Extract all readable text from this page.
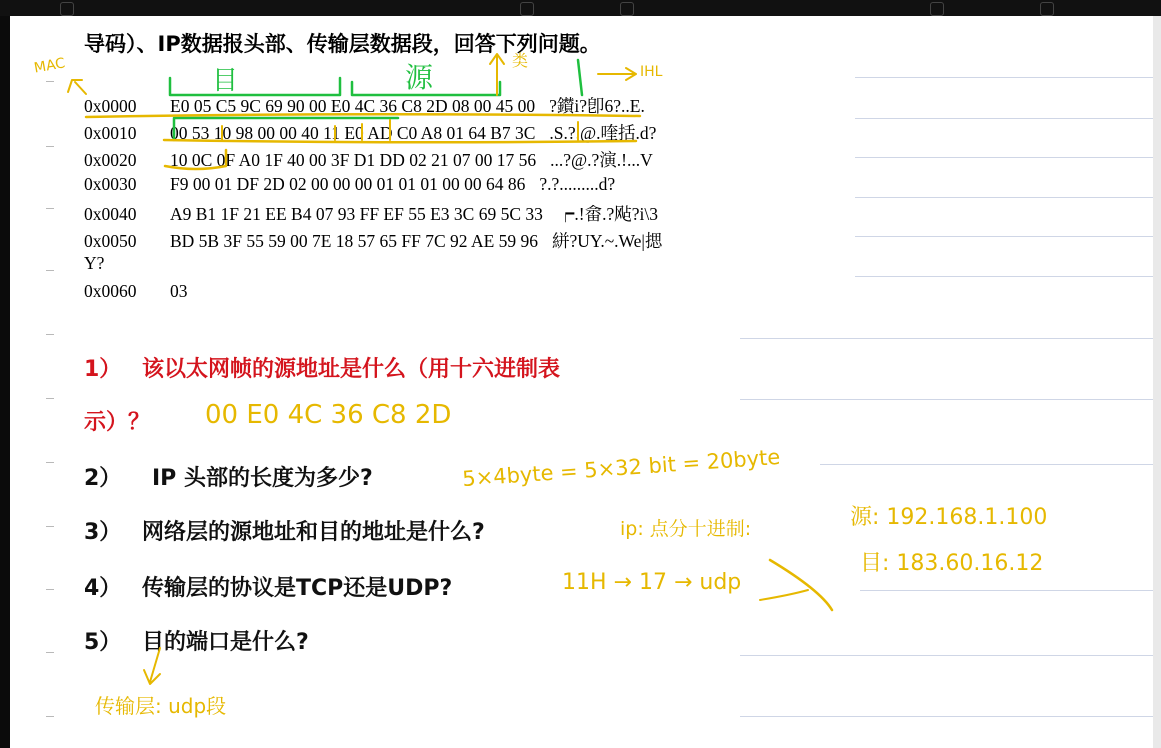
导码）、IP数据报头部、传输层数据段，回答下列问题。
0x0000 E0 05 C5 9C 69 90 00 E0 4C 36 C8 2D 08 00 45 00 ?鑚i?卽6?..E.
0x0010 00 53 10 98 00 00 40 11 E0 AD C0 A8 01 64 B7 3C .S.?.@.喹括.d?
0x0020 10 0C 0F A0 1F 40 00 3F D1 DD 02 21 07 00 17 56 ...?@.?演.!...V
0x0030 F9 00 01 DF 2D 02 00 00 00 01 01 01 00 00 64 86 ?.?.........d?
0x0040 A9 B1 1F 21 EE B4 07 93 FF EF 55 E3 3C 69 5C 33 ┍.!畲.?飐?i\3
0x0050 BD 5B 3F 55 59 00 7E 18 57 65 FF 7C 92 AE 59 96 絣?UY.~.We|揌
Y?
0x0060 03
1） 该以太网帧的源地址是什么（用十六进制表
示）？
2） IP 头部的长度为多少?
3） 网络层的源地址和目的地址是什么?
4） 传输层的协议是TCP还是UDP?
5） 目的端口是什么?
目	源
类
IHL
MAC
00 E0 4C 36 C8 2D
5×4byte = 5×32 bit = 20byte
ip: 点分十进制:	源: 192.168.1.100
目: 183.60.16.12
11H → 17 → udp
传输层: udp段
